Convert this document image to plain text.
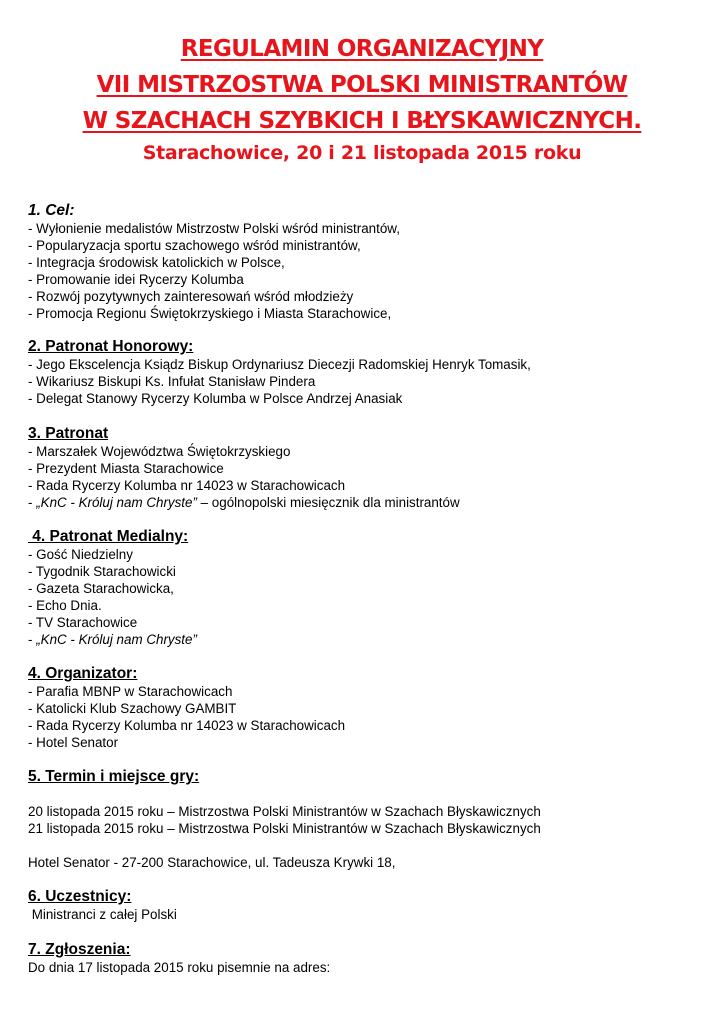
REGULAMIN ORGANIZACYJNY
VII MISTRZOSTWA POLSKI MINISTRANTÓW
W SZACHACH SZYBKICH I BŁYSKAWICZNYCH.
Starachowice, 20 i 21 listopada 2015 roku
1. Cel:
- Wyłonienie medalistów Mistrzostw Polski wśród ministrantów,
- Popularyzacja sportu szachowego wśród ministrantów,
- Integracja środowisk katolickich w Polsce,
- Promowanie idei Rycerzy Kolumba
- Rozwój pozytywnych zainteresowań wśród młodzieży
- Promocja Regionu Świętokrzyskiego i Miasta Starachowice,
2. Patronat Honorowy:
- Jego Ekscelencja Ksiądz Biskup Ordynariusz Diecezji Radomskiej Henryk Tomasik,
- Wikariusz Biskupi Ks. Infułat Stanisław Pindera
- Delegat Stanowy Rycerzy Kolumba w Polsce Andrzej Anasiak
3. Patronat
- Marszałek Województwa Świętokrzyskiego
- Prezydent Miasta Starachowice
- Rada Rycerzy Kolumba nr 14023 w Starachowicach
- „KnC - Króluj nam Chryste” – ogólnopolski miesięcznik dla ministrantów
4. Patronat Medialny:
- Gość Niedzielny
- Tygodnik Starachowicki
- Gazeta Starachowicka,
- Echo Dnia.
- TV Starachowice
- „KnC - Króluj nam Chryste”
4. Organizator:
- Parafia MBNP w Starachowicach
- Katolicki Klub Szachowy GAMBIT
- Rada Rycerzy Kolumba nr 14023 w Starachowicach
- Hotel Senator
5. Termin i miejsce gry:
20 listopada 2015 roku – Mistrzostwa Polski Ministrantów w Szachach Błyskawicznych
21 listopada 2015 roku – Mistrzostwa Polski Ministrantów w Szachach Błyskawicznych
Hotel Senator - 27-200 Starachowice, ul. Tadeusza Krywki 18,
6. Uczestnicy:
Ministranci z całej Polski
7. Zgłoszenia:
Do dnia 17 listopada 2015 roku pisemnie na adres:
